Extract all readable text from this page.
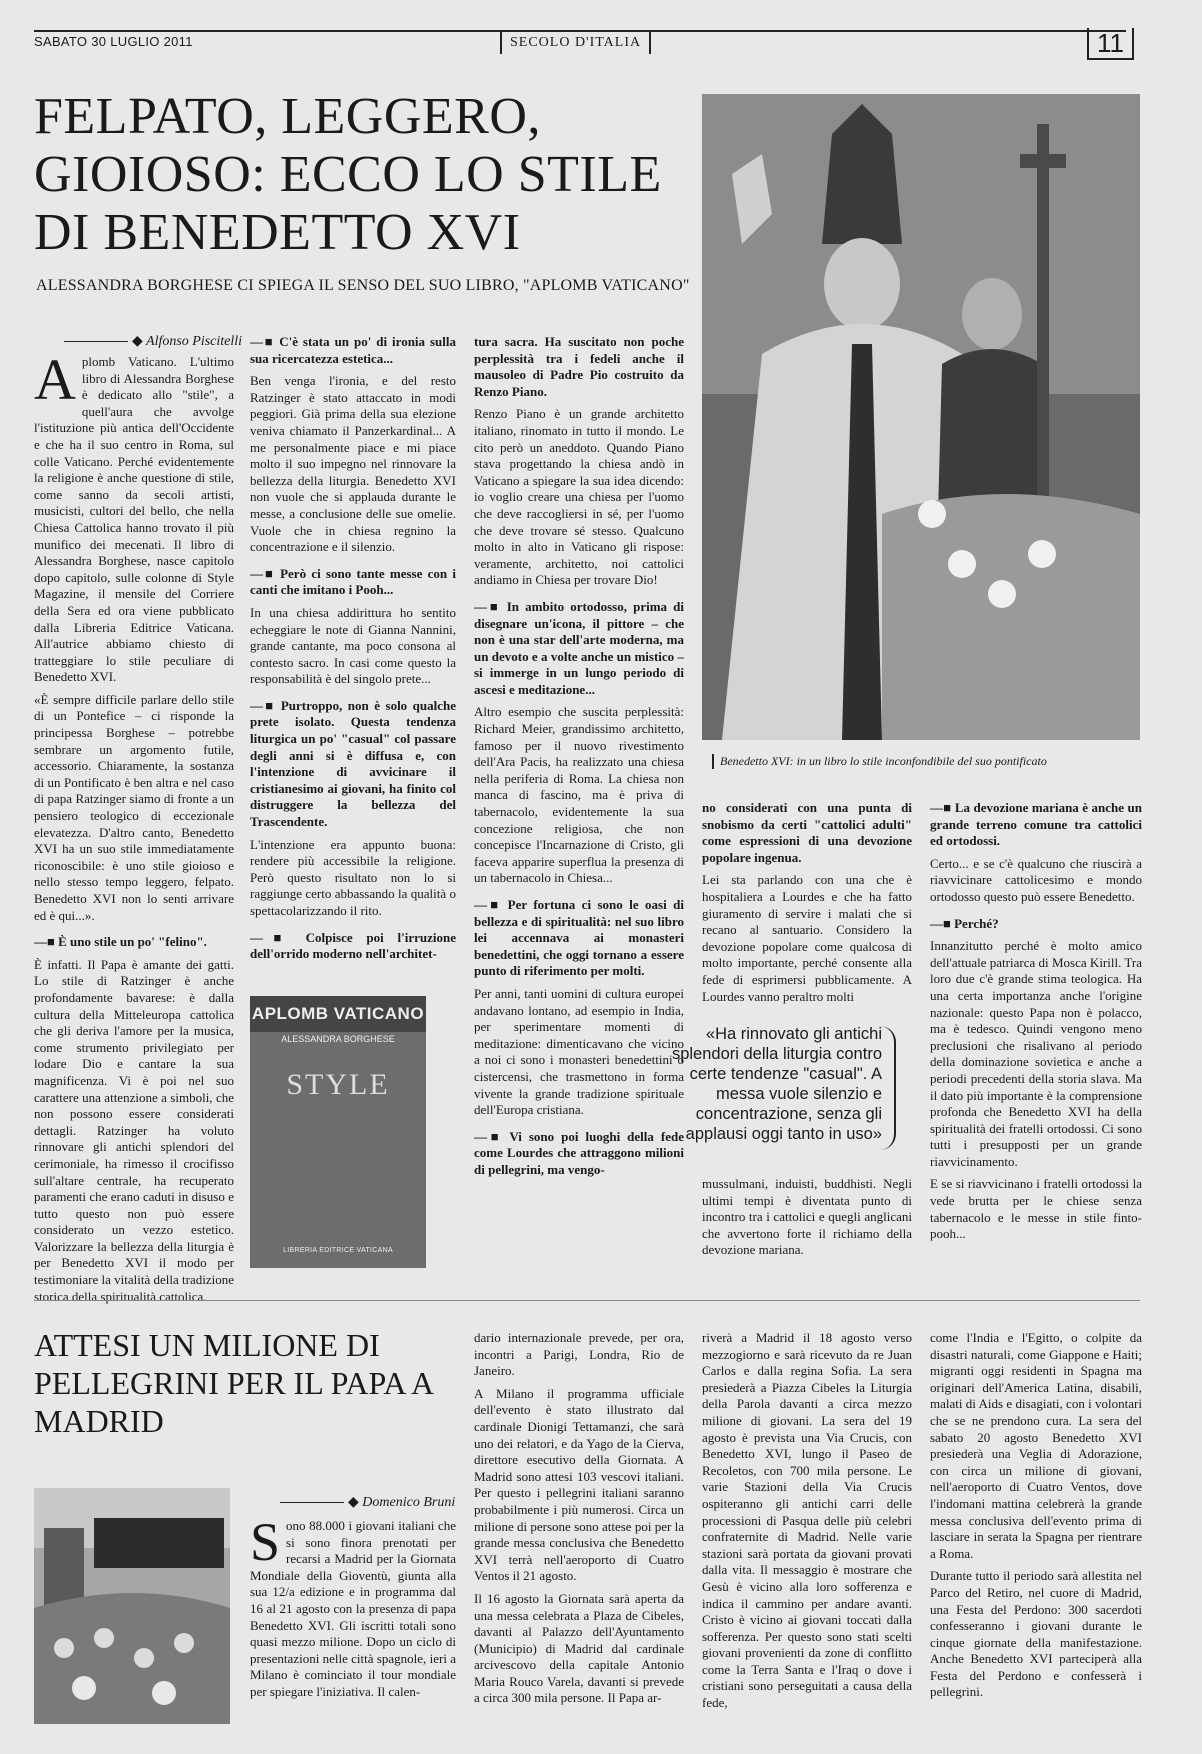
SABATO 30 LUGLIO 2011	SECOLO D'ITALIA	11
FELPATO, LEGGERO, GIOIOSO: ECCO LO STILE DI BENEDETTO XVI
ALESSANDRA BORGHESE CI SPIEGA IL SENSO DEL SUO LIBRO, "APLOMB VATICANO"
◆ Alfonso Piscitelli
Benedetto XVI: in un libro lo stile inconfondibile del suo pontificato

Aplomb Vaticano. L'ultimo libro di Alessandra Borghese è dedicato allo "stile", a quell'aura che avvolge l'istituzione più antica dell'Occidente e che ha il suo centro in Roma, sul colle Vaticano. Perché evidentemente la religione è anche questione di stile, come sanno da secoli artisti, musicisti, cultori del bello, che nella Chiesa Cattolica hanno trovato il più munifico dei mecenati. Il libro di Alessandra Borghese, nasce capitolo dopo capitolo, sulle colonne di Style Magazine, il mensile del Corriere della Sera ed ora viene pubblicato dalla Libreria Editrice Vaticana. All'autrice abbiamo chiesto di tratteggiare lo stile peculiare di Benedetto XVI.

«È sempre difficile parlare dello stile di un Pontefice – ci risponde la principessa Borghese – potrebbe sembrare un argomento futile, accessorio. Chiaramente, la sostanza di un Pontificato è ben altra e nel caso di papa Ratzinger siamo di fronte a un pensiero teologico di eccezionale elevatezza. D'altro canto, Benedetto XVI ha un suo stile immediatamente riconoscibile: è uno stile gioioso e nello stesso tempo leggero, felpato. Benedetto XVI non lo senti arrivare ed è qui...».

—■ È uno stile un po' "felino".

È infatti. Il Papa è amante dei gatti. Lo stile di Ratzinger è anche profondamente bavarese: è dalla cultura della Mitteleuropa cattolica che gli deriva l'amore per la musica, come strumento privilegiato per lodare Dio e cantare la sua magnificenza. Vi è poi nel suo carattere una attenzione a simboli, che non possono essere considerati dettagli. Ratzinger ha voluto rinnovare gli antichi splendori del cerimoniale, ha rimesso il crocifisso sull'altare centrale, ha recuperato paramenti che erano caduti in disuso e tutto questo non può essere considerato un vezzo estetico. Valorizzare la bellezza della liturgia è per Benedetto XVI il modo per testimoniare la vitalità della tradizione storica della spiritualità cattolica.

—■ C'è stata un po' di ironia sulla sua ricercatezza estetica...

Ben venga l'ironia, e del resto Ratzinger è stato attaccato in modi peggiori. Già prima della sua elezione veniva chiamato il Panzerkardinal... A me personalmente piace e mi piace molto il suo impegno nel rinnovare la bellezza della liturgia. Benedetto XVI non vuole che si applauda durante le messe, a conclusione delle sue omelie. Vuole che in chiesa regnino la concentrazione e il silenzio.

—■ Però ci sono tante messe con i canti che imitano i Pooh...

In una chiesa addirittura ho sentito echeggiare le note di Gianna Nannini, grande cantante, ma poco consona al contesto sacro. In casi come questo la responsabilità è del singolo prete...

—■ Purtroppo, non è solo qualche prete isolato. Questa tendenza liturgica un po' "casual" col passare degli anni si è diffusa e, con l'intenzione di avvicinare il cristianesimo ai giovani, ha finito col distruggere la bellezza del Trascendente.

L'intenzione era appunto buona: rendere più accessibile la religione. Però questo risultato non lo si raggiunge certo abbassando la qualità o spettacolarizzando il rito.

—■ Colpisce poi l'irruzione dell'orrido moderno nell'architet-

APLOMB VATICANO
ALESSANDRA BORGHESE
STYLE
LIBRERIA EDITRICE VATICANA

tura sacra. Ha suscitato non poche perplessità tra i fedeli anche il mausoleo di Padre Pio costruito da Renzo Piano.

Renzo Piano è un grande architetto italiano, rinomato in tutto il mondo. Le cito però un aneddoto. Quando Piano stava progettando la chiesa andò in Vaticano a spiegare la sua idea dicendo: io voglio creare una chiesa per l'uomo che deve raccogliersi in sé, per l'uomo che deve trovare sé stesso. Qualcuno molto in alto in Vaticano gli rispose: veramente, architetto, noi cattolici andiamo in Chiesa per trovare Dio!

—■ In ambito ortodosso, prima di disegnare un'icona, il pittore – che non è una star dell'arte moderna, ma un devoto e a volte anche un mistico – si immerge in un lungo periodo di ascesi e meditazione...

Altro esempio che suscita perplessità: Richard Meier, grandissimo architetto, famoso per il nuovo rivestimento dell'Ara Pacis, ha realizzato una chiesa nella periferia di Roma. La chiesa non manca di fascino, ma è priva di tabernacolo, evidentemente la sua concezione religiosa, che non concepisce l'Incarnazione di Cristo, gli faceva apparire superflua la presenza di un tabernacolo in Chiesa...

—■ Per fortuna ci sono le oasi di bellezza e di spiritualità: nel suo libro lei accennava ai monasteri benedettini, che oggi tornano a essere punto di riferimento per molti.

Per anni, tanti uomini di cultura europei andavano lontano, ad esempio in India, per sperimentare momenti di meditazione: dimenticavano che vicino a noi ci sono i monasteri benedettini o cistercensi, che trasmettono in forma vivente la grande tradizione spirituale dell'Europa cristiana.

—■ Vi sono poi luoghi della fede come Lourdes che attraggono milioni di pellegrini, ma vengo-

no considerati con una punta di snobismo da certi "cattolici adulti" come espressioni di una devozione popolare ingenua.

Lei sta parlando con una che è hospitaliera a Lourdes e che ha fatto giuramento di servire i malati che si recano al santuario. Considero la devozione popolare come qualcosa di molto importante, perché consente alla fede di esprimersi pubblicamente. A Lourdes vanno peraltro molti

mussulmani, induisti, buddhisti. Negli ultimi tempi è diventata punto di incontro tra i cattolici e quegli anglicani che avvertono forte il richiamo della devozione mariana.

«Ha rinnovato gli antichi splendori della liturgia contro certe tendenze "casual". A messa vuole silenzio e concentrazione, senza gli applausi oggi tanto in uso»

—■ La devozione mariana è anche un grande terreno comune tra cattolici ed ortodossi.

Certo... e se c'è qualcuno che riuscirà a riavvicinare cattolicesimo e mondo ortodosso questo può essere Benedetto.

—■ Perché?

Innanzitutto perché è molto amico dell'attuale patriarca di Mosca Kirill. Tra loro due c'è grande stima teologica. Ha una certa importanza anche l'origine nazionale: questo Papa non è polacco, ma è tedesco. Quindi vengono meno preclusioni che risalivano al periodo della dominazione sovietica e anche a periodi precedenti della storia slava. Ma il dato più importante è la comprensione profonda che Benedetto XVI ha della spiritualità dei fratelli ortodossi. Ci sono tutti i presupposti per un grande riavvicinamento.

E se si riavvicinano i fratelli ortodossi la vede brutta per le chiese senza tabernacolo e le messe in stile finto-pooh...

ATTESI UN MILIONE DI PELLEGRINI PER IL PAPA A MADRID
◆ Domenico Bruni

Sono 88.000 i giovani italiani che si sono finora prenotati per recarsi a Madrid per la Giornata Mondiale della Gioventù, giunta alla sua 12/a edizione e in programma dal 16 al 21 agosto con la presenza di papa Benedetto XVI. Gli iscritti totali sono quasi mezzo milione. Dopo un ciclo di presentazioni nelle città spagnole, ieri a Milano è cominciato il tour mondiale per spiegare l'iniziativa. Il calen-

dario internazionale prevede, per ora, incontri a Parigi, Londra, Rio de Janeiro.

A Milano il programma ufficiale dell'evento è stato illustrato dal cardinale Dionigi Tettamanzi, che sarà uno dei relatori, e da Yago de la Cierva, direttore esecutivo della Giornata. A Madrid sono attesi 103 vescovi italiani. Per questo i pellegrini italiani saranno probabilmente i più numerosi. Circa un milione di persone sono attese poi per la grande messa conclusiva che Benedetto XVI terrà nell'aeroporto di Cuatro Ventos il 21 agosto.

Il 16 agosto la Giornata sarà aperta da una messa celebrata a Plaza de Cibeles, davanti al Palazzo dell'Ayuntamento (Municipio) di Madrid dal cardinale arcivescovo della capitale Antonio Maria Rouco Varela, davanti si prevede a circa 300 mila persone. Il Papa ar-

riverà a Madrid il 18 agosto verso mezzogiorno e sarà ricevuto da re Juan Carlos e dalla regina Sofia. La sera presiederà a Piazza Cibeles la Liturgia della Parola davanti a circa mezzo milione di giovani. La sera del 19 agosto è prevista una Via Crucis, con Benedetto XVI, lungo il Paseo de Recoletos, con 700 mila persone. Le varie Stazioni della Via Crucis ospiteranno gli antichi carri delle processioni di Pasqua delle più celebri confraternite di Madrid. Nelle varie stazioni sarà portata da giovani provati dalla vita. Il messaggio è mostrare che Gesù è vicino alla loro sofferenza e indica il cammino per andare avanti. Cristo è vicino ai giovani toccati dalla sofferenza. Per questo sono stati scelti giovani provenienti da zone di conflitto come la Terra Santa e l'Iraq o dove i cristiani sono perseguitati a causa della fede,

come l'India e l'Egitto, o colpite da disastri naturali, come Giappone e Haiti; migranti oggi residenti in Spagna ma originari dell'America Latina, disabili, malati di Aids e disagiati, con i volontari che se ne prendono cura. La sera del sabato 20 agosto Benedetto XVI presiederà una Veglia di Adorazione, con circa un milione di giovani, nell'aeroporto di Cuatro Ventos, dove l'indomani mattina celebrerà la grande messa conclusiva dell'evento prima di lasciare in serata la Spagna per rientrare a Roma.

Durante tutto il periodo sarà allestita nel Parco del Retiro, nel cuore di Madrid, una Festa del Perdono: 300 sacerdoti confesseranno i giovani durante le cinque giornate della manifestazione. Anche Benedetto XVI parteciperà alla Festa del Perdono e confesserà i pellegrini.
